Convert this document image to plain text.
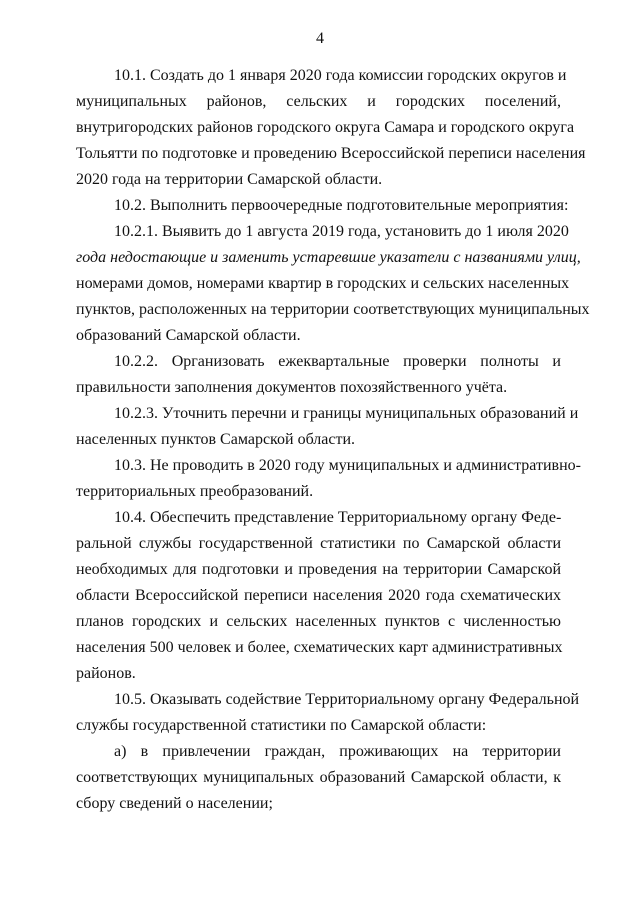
4
10.1. Создать до 1 января 2020 года комиссии городских округов и
муниципальных районов, сельских и городских поселений,
внутригородских районов городского округа Самара и городского округа
Тольятти по подготовке и проведению Всероссийской переписи населения
2020 года на территории Самарской области.
10.2. Выполнить первоочередные подготовительные мероприятия:
10.2.1. Выявить до 1 августа 2019 года, установить до 1 июля 2020
года недостающие и заменить устаревшие указатели с названиями улиц,
номерами домов, номерами квартир в городских и сельских населенных
пунктов, расположенных на территории соответствующих муниципальных
образований Самарской области.
10.2.2. Организовать ежеквартальные проверки полноты и
правильности заполнения документов похозяйственного учёта.
10.2.3. Уточнить перечни и границы муниципальных образований и
населенных пунктов Самарской области.
10.3. Не проводить в 2020 году муниципальных и административно-
территориальных преобразований.
10.4. Обеспечить представление Территориальному органу Феде-
ральной службы государственной статистики по Самарской области
необходимых для подготовки и проведения на территории Самарской
области Всероссийской переписи населения 2020 года схематических
планов городских и сельских населенных пунктов с численностью
населения 500 человек и более, схематических карт административных
районов.
10.5. Оказывать содействие Территориальному органу Федеральной
службы государственной статистики по Самарской области:
а) в привлечении граждан, проживающих на территории
соответствующих муниципальных образований Самарской области, к
сбору сведений о населении;
